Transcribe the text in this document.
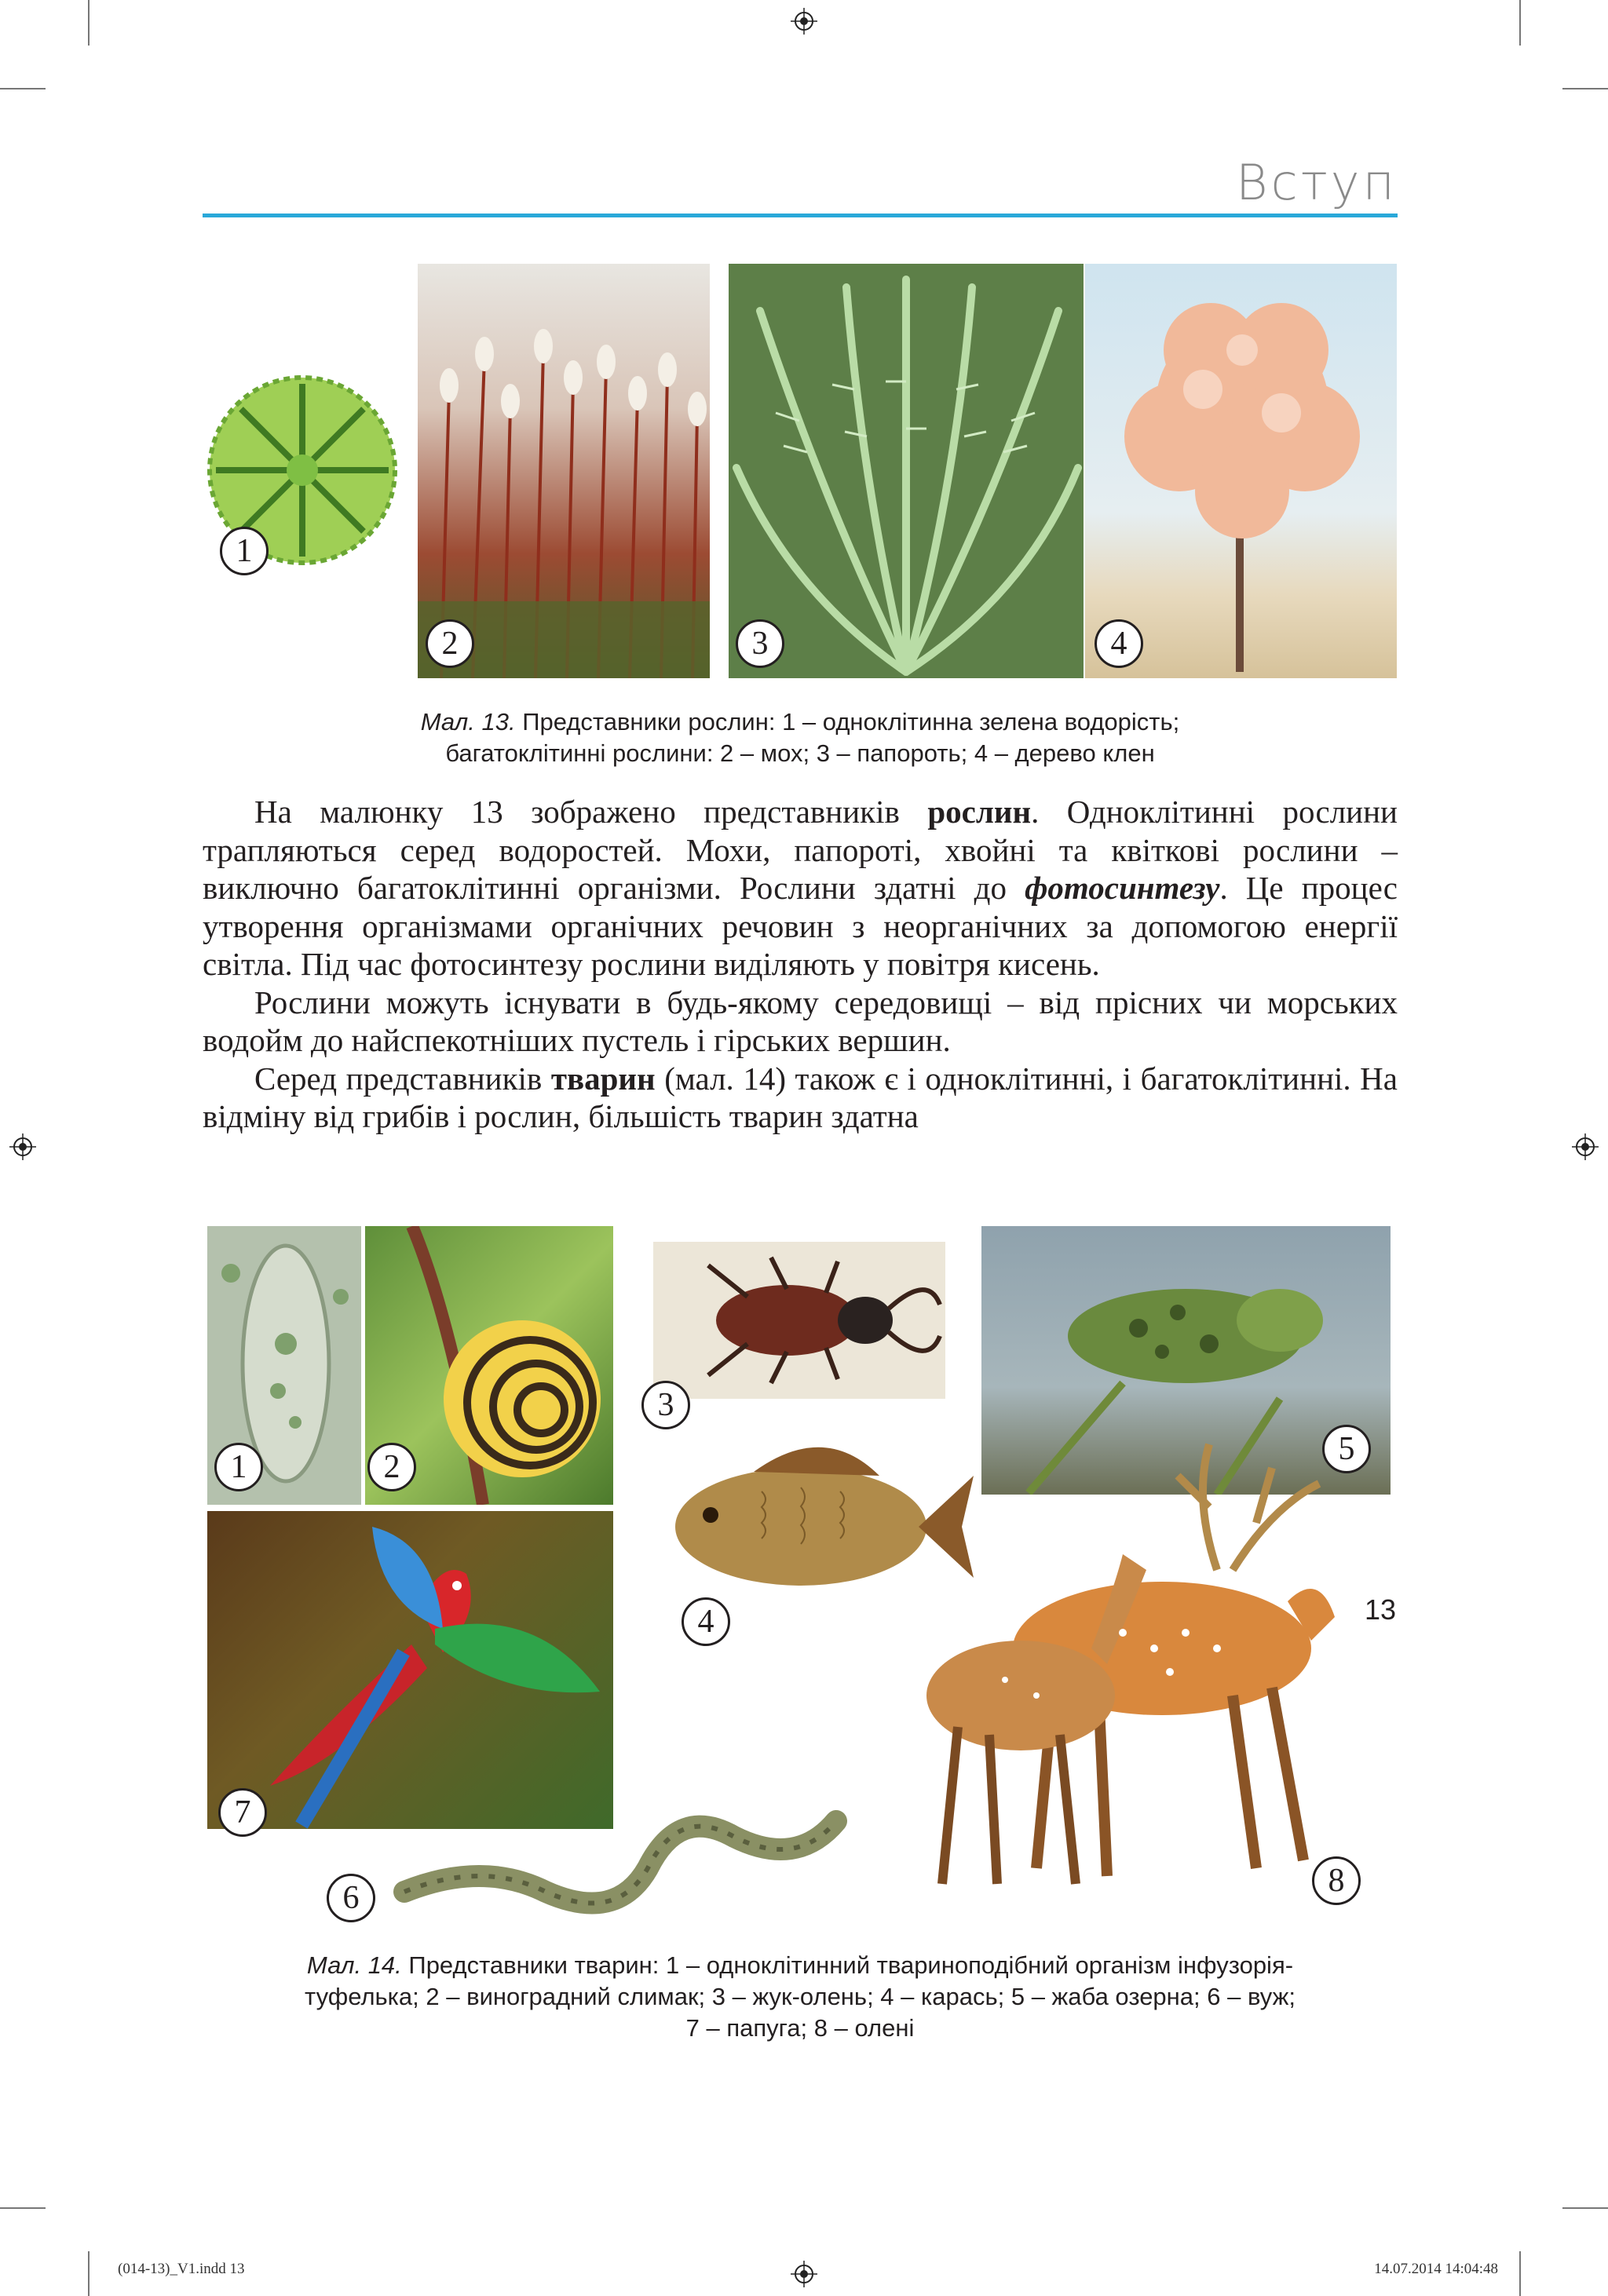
Вступ
1
2	3	4
Мал. 13. Представники рослин: 1 – одноклітинна зелена водорість;
багатоклітинні рослини: 2 – мох; 3 – папороть; 4 – дерево клен

На малюнку 13 зображено представників рослин. Одноклітинні рослини трапляються серед водоростей. Мохи, папороті, хвойні та квіткові рослини – виключно багатоклітинні організми. Рослини здатні до фотосинтезу. Це процес утворення організмами органічних речовин з неорганічних за допомогою енергії світла. Під час фотосинтезу рослини виділяють у повітря кисень.

Рослини можуть існувати в будь-якому середовищі – від прісних чи морських водойм до найспекотніших пустель і гірських вершин.

Серед представників тварин (мал. 14) також є і одноклітинні, і багатоклітинні. На відміну від грибів і рослин, більшість тварин здатна

1	2
3
5
4
7
6	8
Мал. 14. Представники тварин: 1 – одноклітинний твариноподібний організм інфузорія-
туфелька; 2 – виноградний слимак; 3 – жук-олень; 4 – карась; 5 – жаба озерна; 6 – вуж;
7 – папуга; 8 – олені
13
(014-13)_V1.indd 13	14.07.2014 14:04:48
